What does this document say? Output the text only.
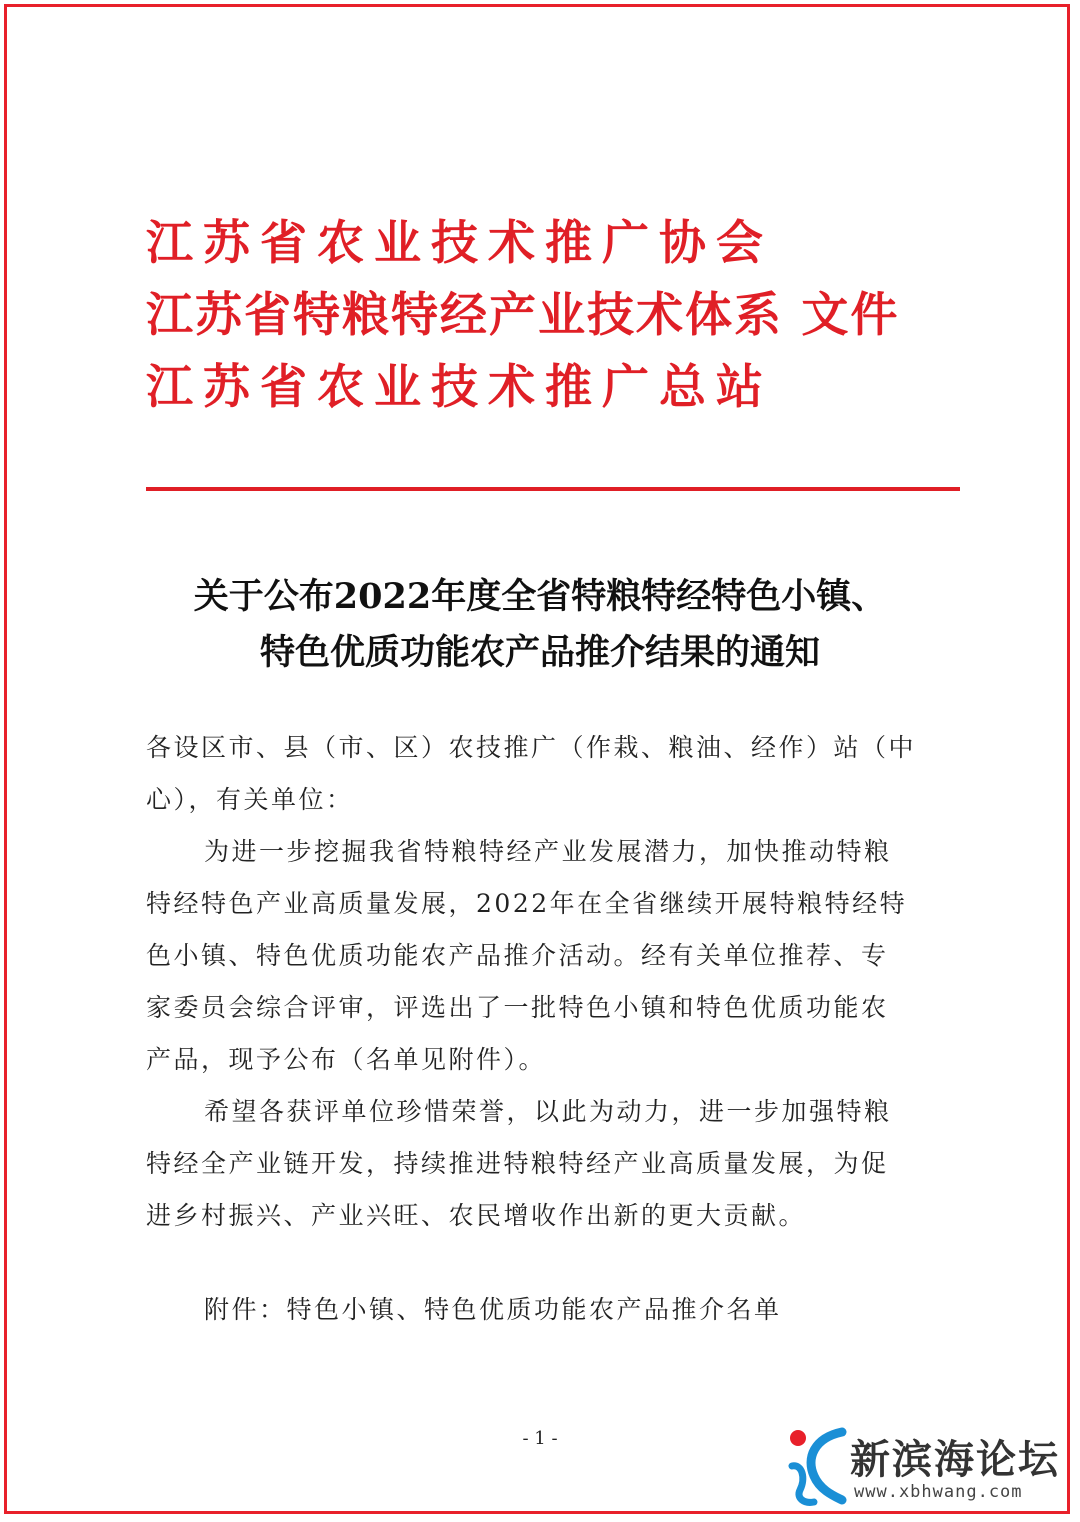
江苏省农业技术推广协会
江苏省特粮特经产业技术体系 文件
江苏省农业技术推广总站
关于公布2022年度全省特粮特经特色小镇、
特色优质功能农产品推介结果的通知
各设区市、县（市、区）农技推广（作栽、粮油、经作）站（中
心），有关单位：
为进一步挖掘我省特粮特经产业发展潜力，加快推动特粮
特经特色产业高质量发展，2022年在全省继续开展特粮特经特
色小镇、特色优质功能农产品推介活动。经有关单位推荐、专
家委员会综合评审，评选出了一批特色小镇和特色优质功能农
产品，现予公布（名单见附件）。
希望各获评单位珍惜荣誉，以此为动力，进一步加强特粮
特经全产业链开发，持续推进特粮特经产业高质量发展，为促
进乡村振兴、产业兴旺、农民增收作出新的更大贡献。
附件：特色小镇、特色优质功能农产品推介名单
- 1 -	新滨海论坛
www.xbhwang.com
